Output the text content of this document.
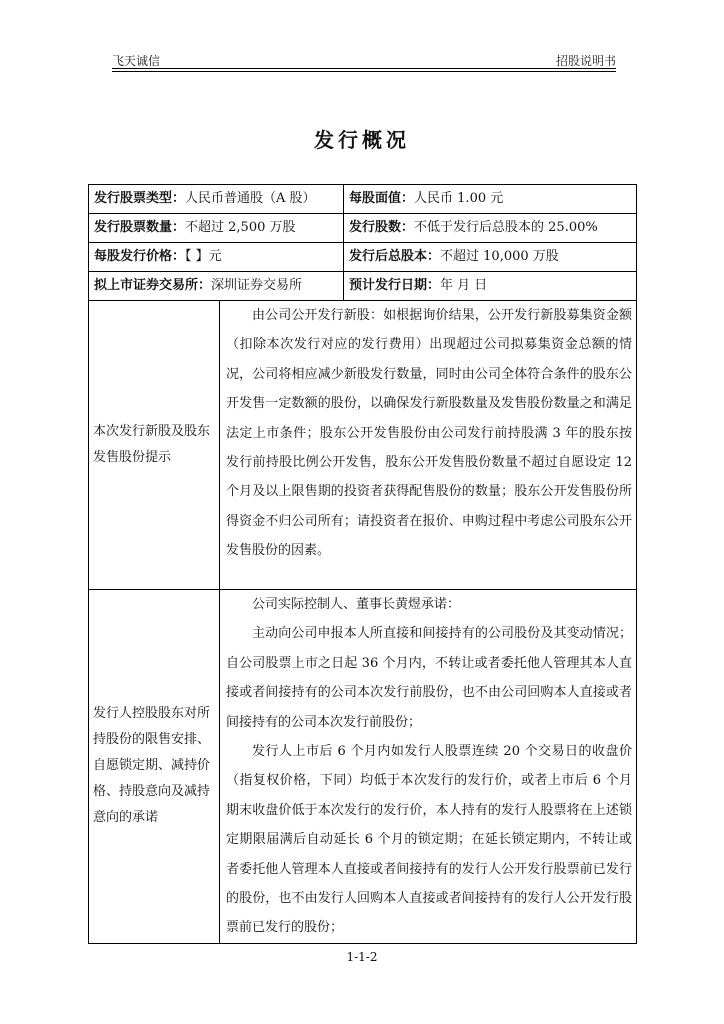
飞天诚信	招股说明书
发行概况
发行股票类型：人民币普通股（A 股）		每股面值：人民币 1.00 元
发行股票数量：不超过 2,500 万股		发行股数：不低于发行后总股本的 25.00%
每股发行价格：【 】元		发行后总股本：不超过 10,000 万股
拟上市证券交易所：深圳证券交易所		预计发行日期：年 月 日
本次发行新股及股东发售股份提示	由公司公开发行新股：如根据询价结果，公开发行新股募集资金额（扣除本次发行对应的发行费用）出现超过公司拟募集资金总额的情况，公司将相应减少新股发行数量，同时由公司全体符合条件的股东公开发售一定数额的股份，以确保发行新股数量及发售股份数量之和满足法定上市条件；股东公开发售股份由公司发行前持股满 3 年的股东按发行前持股比例公开发售，股东公开发售股份数量不超过自愿设定 12 个月及以上限售期的投资者获得配售股份的数量；股东公开发售股份所得资金不归公司所有；请投资者在报价、申购过程中考虑公司股东公开发售股份的因素。	

发行人控股股东对所持股份的限售安排、自愿锁定期、减持价格、持股意向及减持意向的承诺	公司实际控制人、董事长黄煜承诺：

主动向公司申报本人所直接和间接持有的公司股份及其变动情况；自公司股票上市之日起 36 个月内，不转让或者委托他人管理其本人直接或者间接持有的公司本次发行前股份，也不由公司回购本人直接或者间接持有的公司本次发行前股份；

发行人上市后 6 个月内如发行人股票连续 20 个交易日的收盘价（指复权价格，下同）均低于本次发行的发行价，或者上市后 6 个月期末收盘价低于本次发行的发行价，本人持有的发行人股票将在上述锁定期限届满后自动延长 6 个月的锁定期；在延长锁定期内，不转让或者委托他人管理本人直接或者间接持有的发行人公开发行股票前已发行的股份，也不由发行人回购本人直接或者间接持有的发行人公开发行股票前已发行的股份；	

1-1-2
